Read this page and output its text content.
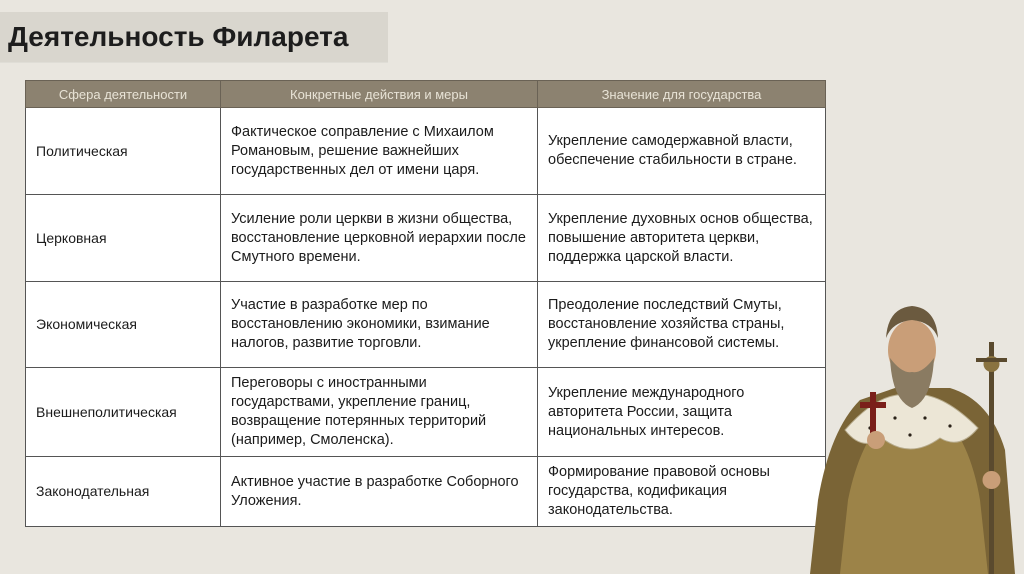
Деятельность Филарета
Сфера деятельности	Конкретные действия и меры	Значение для государства
Политическая	Фактическое соправление с Михаилом Романовым, решение важнейших государственных дел от имени царя.	Укрепление самодержавной власти, обеспечение стабильности в стране.
Церковная	Усиление роли церкви в жизни общества, восстановление церковной иерархии после Смутного времени.	Укрепление духовных основ общества, повышение авторитета церкви, поддержка царской власти.
Экономическая	Участие в разработке мер по восстановлению экономики, взимание налогов, развитие торговли.	Преодоление последствий Смуты, восстановление хозяйства страны, укрепление финансовой системы.
Внешнеполитическая	Переговоры с иностранными государствами, укрепление границ, возвращение потерянных территорий (например, Смоленска).	Укрепление международного авторитета России, защита национальных интересов.
Законодательная	Активное участие в разработке Соборного Уложения.	Формирование правовой основы государства, кодификация законодательства.
